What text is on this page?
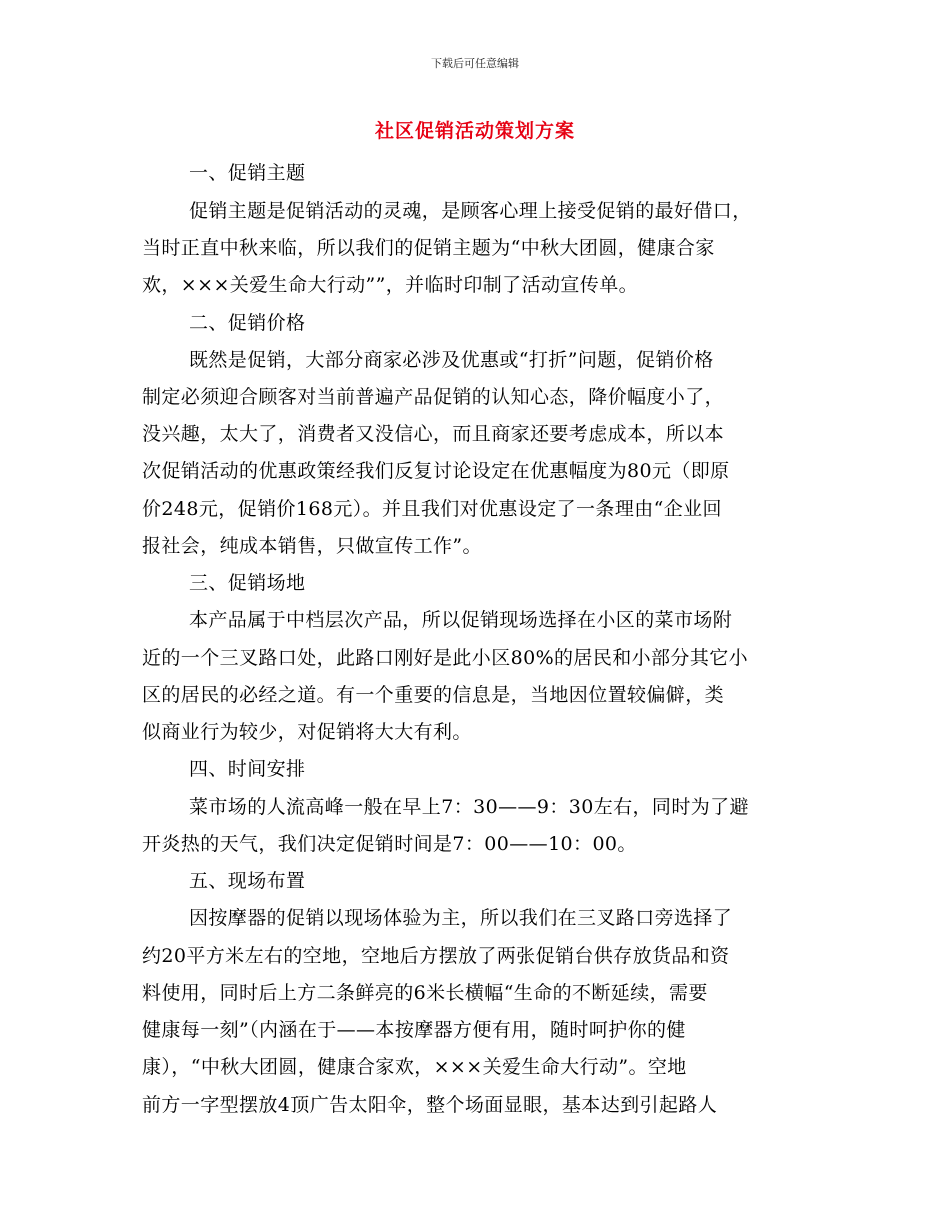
下载后可任意编辑
社区促销活动策划方案
一、促销主题
促销主题是促销活动的灵魂，是顾客心理上接受促销的最好借口，
当时正直中秋来临，所以我们的促销主题为“中秋大团圆，健康合家
欢，×××关爱生命大行动””，并临时印制了活动宣传单。
二、促销价格
既然是促销，大部分商家必涉及优惠或“打折”问题，促销价格
制定必须迎合顾客对当前普遍产品促销的认知心态，降价幅度小了，
没兴趣，太大了，消费者又没信心，而且商家还要考虑成本，所以本
次促销活动的优惠政策经我们反复讨论设定在优惠幅度为80元（即原
价248元，促销价168元）。并且我们对优惠设定了一条理由“企业回
报社会，纯成本销售，只做宣传工作”。
三、促销场地
本产品属于中档层次产品，所以促销现场选择在小区的菜市场附
近的一个三叉路口处，此路口刚好是此小区80%的居民和小部分其它小
区的居民的必经之道。有一个重要的信息是，当地因位置较偏僻，类
似商业行为较少，对促销将大大有利。
四、时间安排
菜市场的人流高峰一般在早上7：30——9：30左右，同时为了避
开炎热的天气，我们决定促销时间是7：00——10：00。
五、现场布置
因按摩器的促销以现场体验为主，所以我们在三叉路口旁选择了
约20平方米左右的空地，空地后方摆放了两张促销台供存放货品和资
料使用，同时后上方二条鲜亮的6米长横幅“生命的不断延续，需要
健康每一刻”（内涵在于——本按摩器方便有用，随时呵护你的健
康），“中秋大团圆，健康合家欢，×××关爱生命大行动”。空地
前方一字型摆放4顶广告太阳伞，整个场面显眼，基本达到引起路人
